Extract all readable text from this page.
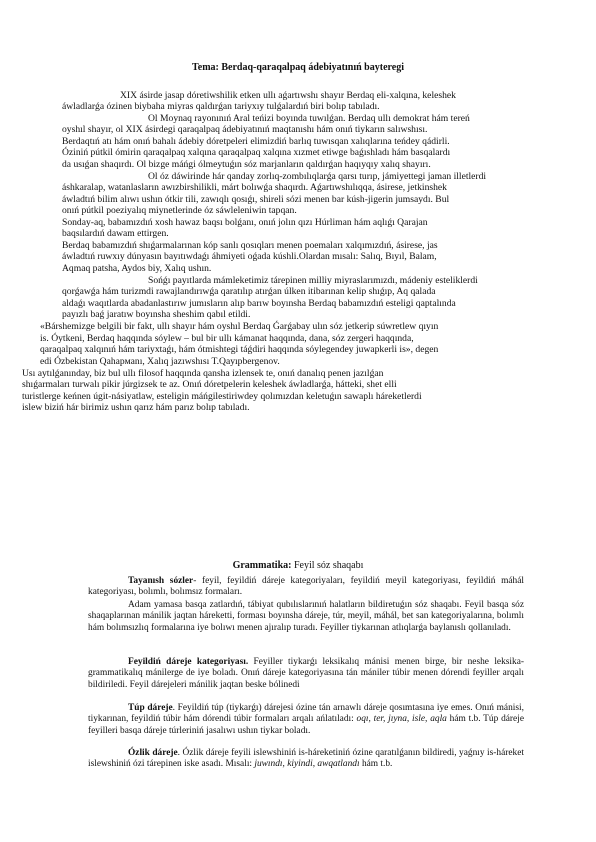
Tema: Berdaq-qaraqalpaq ádebiyatınıń bayteregi
XIX ásirde jasap dóretiwshilik etken ullı aǵartıwshı shayır Berdaq eli-xalqına, keleshek
áwladlarǵa ózinen biybaha miyras qaldırǵan tariyxıy tulǵalardıń biri bolıp tabıladı.
Ol Moynaq rayonınıń Aral teńizi boyında tuwılǵan. Berdaq ullı demokrat hám tereń
oyshıl shayır, ol XIX ásirdegi qaraqalpaq ádebiyatınıń maqtanıshı hám onıń tiykarın salıwshısı.
Berdaqtıń atı hám onıń bahalı ádebiy dóretpeleri elimizdiń barlıq tuwısqan xalıqlarına teńdey qádirli.
Óziniń pútkil ómirin qaraqalpaq xalqına qaraqalpaq xalqına xızmet etiwge baǵıshladı hám basqalardı
da usıǵan shaqırdı. Ol bizge máńgi ólmeytuǵın sóz marjanların qaldırǵan haqıyqıy xalıq shayırı.
Ol óz dáwirinde hár qanday zorlıq-zombılıqlarǵa qarsı turıp, jámiyettegi jaman illetlerdi
áshkaralap, watanlasların awızbirshilikli, márt bolıwǵa shaqırdı. Aǵartıwshılıqqa, ásirese, jetkinshek
áwladtıń bilim alıwı ushın ótkir tili, zawıqlı qosıǵı, shireli sózi menen bar kúsh-jigerin jumsaydı. Bul
onıń pútkil poeziyalıq miynetlerinde óz sáwleleniwin tapqan.
Sonday-aq, babamızdıń xosh hawaz baqsı bolǵanı, onıń jolın qızı Húrliman hám aqlıǵı Qarajan
baqsılardıń dawam ettirgen.
Berdaq babamızdıń shıǵarmalarınan kóp sanlı qosıqları menen poemaları xalqımızdıń, ásirese, jas
áwladtıń ruwxıy dúnyasın bayıtıwdaǵı áhmiyeti oǵada kúshli.Olardan mısalı: Salıq, Bıyıl, Balam,
Aqmaq patsha, Aydos biy, Xalıq ushın.
Sońǵı payıtlarda mámleketimiz tárepinen milliy miyraslarımızdı, mádeniy esteliklerdi
qorǵawǵa hám turizmdi rawajlandırıwǵa qaratılıp atırǵan úlken itibarınan kelip shıǵıp, Aq qalada
aldaǵı waqıtlarda abadanlastırıw jumısların alıp barıw boyınsha Berdaq babamızdıń esteligi qaptalında
payızlı baǵ jaratıw boyınsha sheshim qabıl etildi.
«Bárshemizge belgili bir fakt, ullı shayır hám oyshıl Berdaq Ǵarǵabay ulın sóz jetkerip súwretlew qıyın
is. Óytkeni, Berdaq haqqında sóylew – bul bir ullı kámanat haqqında, dana, sóz zergeri haqqında,
qaraqalpaq xalqınıń hám tariyxtaǵı, hám ótmishtegi táǵdiri haqqında sóylegendey juwapkerli is», degen
edi Ózbekistan Qahармanı, Xalıq jazıwshısı T.Qayıpbergenov.
Usı aytılǵanınday, biz bul ullı filosof haqqında qansha izlensek te, onıń danalıq penen jazılǵan
shıǵarmaları turwalı pikir júrgizsek te az. Onıń dóretpelerin keleshek áwladlarǵa, hátteki, shet elli
turistlerge keńnen úgit-násiyatlaw, esteligin máńgilestiriwdey qolımızdan keletuǵın sawaplı háreketlerdi
islew biziń hár birimiz ushın qarız hám parız bolıp tabıladı.
Grammatika: Feyil sóz shaqabı
Tayanısh sózler- feyil, feyildiń dáreje kategoriyaları, feyildiń meyil kategoriyası, feyildiń máhál kategoriyası, bolımlı, bolımsız formaları.
Adam yamasa basqa zatlardıń, tábiyat qubılıslarınıń halatların bildiretuǵın sóz shaqabı. Feyil basqa sóz shaqaplarınan mánilik jaqtan háreketti, forması boyınsha dáreje, túr, meyil, máhál, bet san kategoriyalarına, bolımlı hám bolımsızlıq formalarına iye bolıwı menen ajıralıp turadı. Feyiller tiykarınan atlıqlarǵa baylanıslı qollanıladı.
Feyildiń dáreje kategoriyası. Feyiller tiykarǵı leksikalıq mánisi menen birge, bir neshe leksika-grammatikalıq mánilerge de iye boladı. Onıń dáreje kategoriyasına tán mániler túbir menen dórendi feyiller arqalı bildiriledi. Feyil dárejeleri mánilik jaqtan beske bólinedi
Túp dáreje. Feyildiń túp (tiykarǵı) dárejesi ózine tán arnawlı dáreje qosımtasına iye emes. Onıń mánisi, tiykarınan, feyildiń túbir hám dórendi túbir formaları arqalı ańlatıladı: oqı, ter, jıyna, isle, aqla hám t.b. Túp dáreje feyilleri basqa dáreje túrleriniń jasalıwı ushın tiykar boladı.
Ózlik dáreje. Ózlik dáreje feyili islewshiniń is-háreketiniń ózine qaratılǵanın bildiredi, yaǵnıy is-háreket islewshiniń ózi tárepinen iske asadı. Mısalı: juwındı, kiyindi, awqatlandı hám t.b.
